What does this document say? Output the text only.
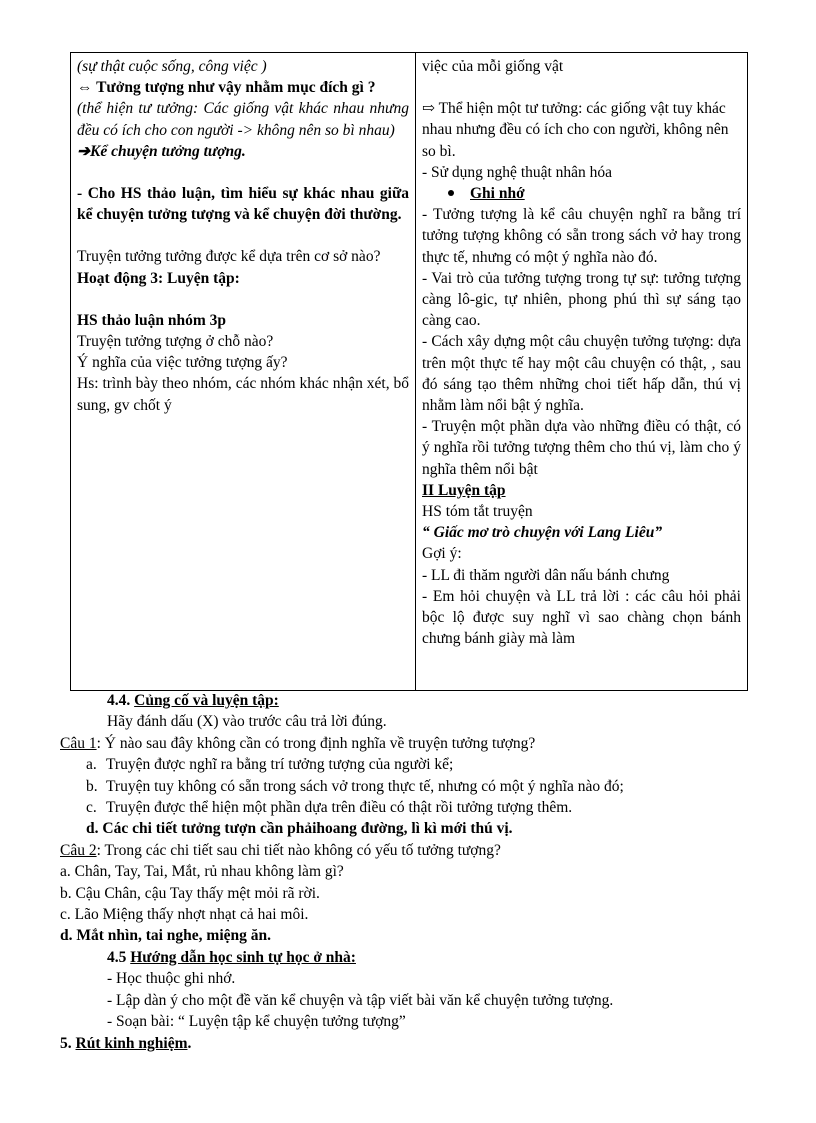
(sự thật cuộc sống, công việc )
⇔ Tưởng tượng như vậy nhằm mục đích gì ?
(thể hiện tư tưởng: Các giống vật khác nhau nhưng đều có ích cho con người -> không nên so bì nhau)
➔Kể chuyện tưởng tượng.
- Cho HS thảo luận, tìm hiểu sự khác nhau giữa kể chuyện tưởng tượng và kể chuyện đời thường.
Truyện tưởng tưởng được kể dựa trên cơ sở nào?
Hoạt động 3: Luyện tập:
HS thảo luận nhóm 3p
Truyện tưởng tượng ở chỗ nào?
Ý nghĩa của việc tưởng tượng ấy?
Hs: trình bày theo nhóm, các nhóm khác nhận xét, bổ sung, gv chốt ý

việc của mỗi giống vật
⇨ Thể hiện một tư tưởng: các giống vật tuy khác nhau nhưng đều có ích cho con người, không nên so bì.
- Sử dụng nghệ thuật nhân hóa
Ghi nhớ
- Tưởng tượng là kể câu chuyện nghĩ ra bằng trí tưởng tượng không có sẵn trong sách vở hay trong thực tế, nhưng có một ý nghĩa nào đó.
- Vai trò của tưởng tượng trong tự sự: tưởng tượng càng lô-gic, tự nhiên, phong phú thì sự sáng tạo càng cao.
- Cách xây dựng một câu chuyện tưởng tượng: dựa trên một thực tế hay một câu chuyện có thật, , sau đó sáng tạo thêm những choi tiết hấp dẫn, thú vị nhằm làm nổi bật ý nghĩa.
- Truyện một phần dựa vào những điều có thật, có ý nghĩa rồi tưởng tượng thêm cho thú vị, làm cho ý nghĩa thêm nổi bật
II Luyện tập
HS tóm tắt truyện
“ Giấc mơ trò chuyện với Lang Liêu”
Gợi ý:
- LL đi thăm người dân nấu bánh chưng
- Em hỏi chuyện và LL trả lời : các câu hỏi phải bộc lộ được suy nghĩ vì sao chàng chọn bánh chưng bánh giày mà làm
4.4. Củng cố và luyện tập:
Hãy đánh dấu (X) vào trước câu trả lời đúng.
Câu 1: Ý nào sau đây không cần có trong định nghĩa về truyện tưởng tượng?
a. Truyện được nghĩ ra bằng trí tưởng tượng của người kể;
b. Truyện tuy không có sẵn trong sách vở trong thực tế, nhưng có một ý nghĩa nào đó;
c. Truyện được thể hiện một phần dựa trên điều có thật rồi tưởng tượng thêm.
d. Các chi tiết tưởng tượn cần phảihoang đường, lì kì mới thú vị.
Câu 2: Trong các chi tiết sau chi tiết nào không có yếu tố tưởng tượng?
a. Chân, Tay, Tai, Mắt, rủ nhau không làm gì?
b. Cậu Chân, cậu Tay thấy mệt mỏi rã rời.
c. Lão Miệng thấy nhợt nhạt cả hai môi.
d. Mắt nhìn, tai nghe, miệng ăn.
4.5 Hướng dẫn học sinh tự học ở nhà:
- Học thuộc ghi nhớ.
- Lập dàn ý cho một đề văn kể chuyện và tập viết bài văn kể chuyện tưởng tượng.
- Soạn bài: “ Luyện tập kể chuyện tưởng tượng”
5. Rút kinh nghiệm.
